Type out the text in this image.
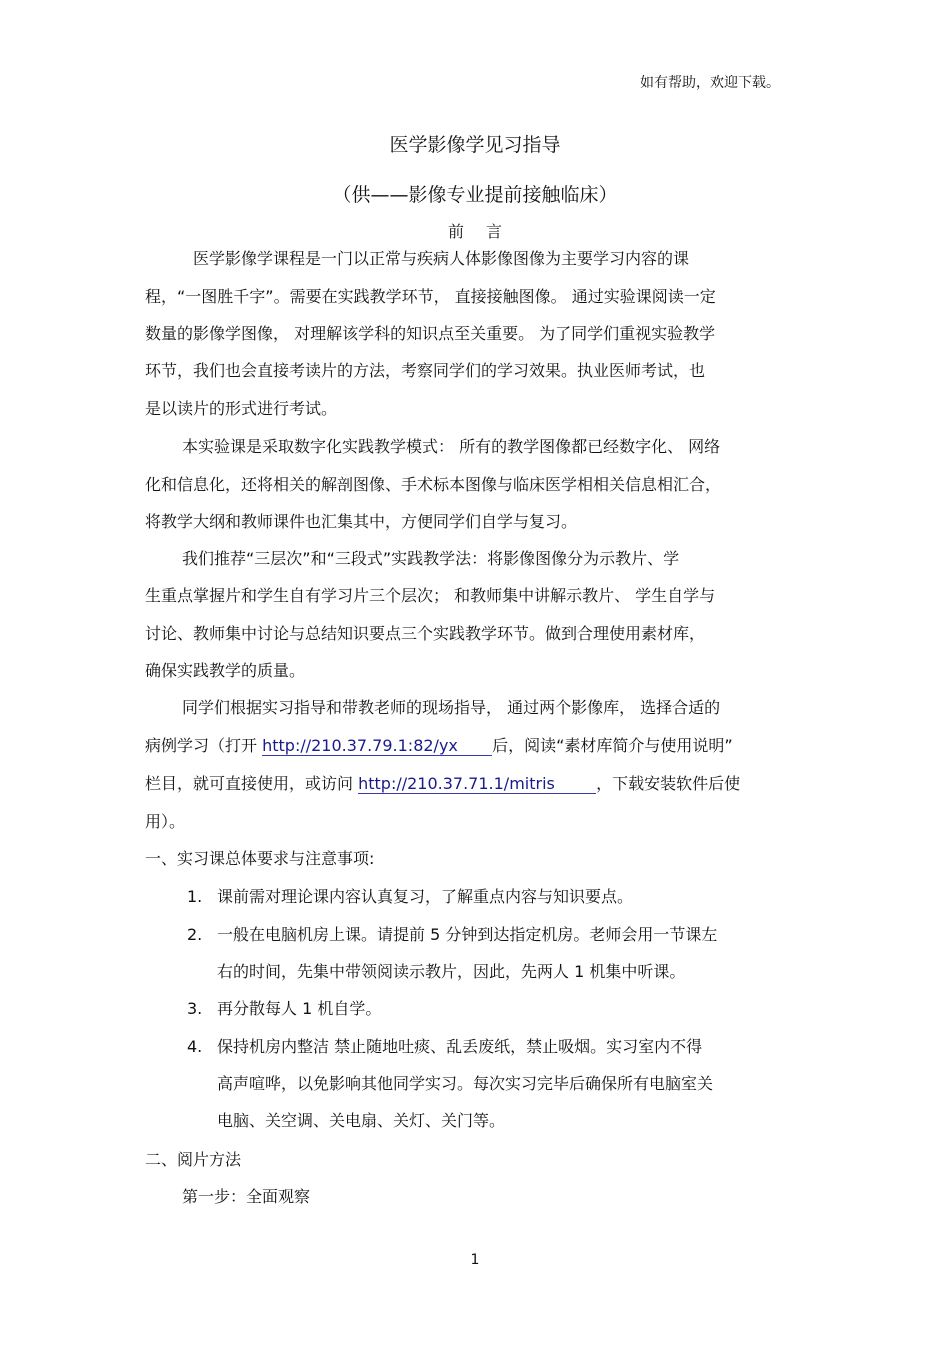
如有帮助，欢迎下载。
医学影像学见习指导
（供——影像专业提前接触临床）
前言
医学影像学课程是一门以正常与疾病人体影像图像为主要学习内容的课
程，“一图胜千字”。需要在实践教学环节， 直接接触图像。 通过实验课阅读一定
数量的影像学图像， 对理解该学科的知识点至关重要。 为了同学们重视实验教学
环节，我们也会直接考读片的方法，考察同学们的学习效果。执业医师考试，也
是以读片的形式进行考试。
本实验课是采取数字化实践教学模式： 所有的教学图像都已经数字化、 网络
化和信息化，还将相关的解剖图像、手术标本图像与临床医学相相关信息相汇合，
将教学大纲和教师课件也汇集其中，方便同学们自学与复习。
我们推荐“三层次”和“三段式”实践教学法：将影像图像分为示教片、学
生重点掌握片和学生自有学习片三个层次； 和教师集中讲解示教片、 学生自学与
讨论、教师集中讨论与总结知识要点三个实践教学环节。做到合理使用素材库，
确保实践教学的质量。
同学们根据实习指导和带教老师的现场指导， 通过两个影像库， 选择合适的
病例学习（打开 http://210.37.79.1:82/yx 后，阅读“素材库简介与使用说明”
栏目，就可直接使用，或访问 http://210.37.71.1/mitris	，下载安装软件后使
用）。
一、实习课总体要求与注意事项:
1. 课前需对理论课内容认真复习，了解重点内容与知识要点。
2. 一般在电脑机房上课。请提前 5 分钟到达指定机房。老师会用一节课左
右的时间，先集中带领阅读示教片，因此，先两人 1 机集中听课。
3. 再分散每人 1 机自学。
4. 保持机房内整洁 禁止随地吐痰、乱丢废纸，禁止吸烟。实习室内不得
高声喧哗，以免影响其他同学实习。每次实习完毕后确保所有电脑室关
电脑、关空调、关电扇、关灯、关门等。
二、阅片方法
第一步：全面观察
1
